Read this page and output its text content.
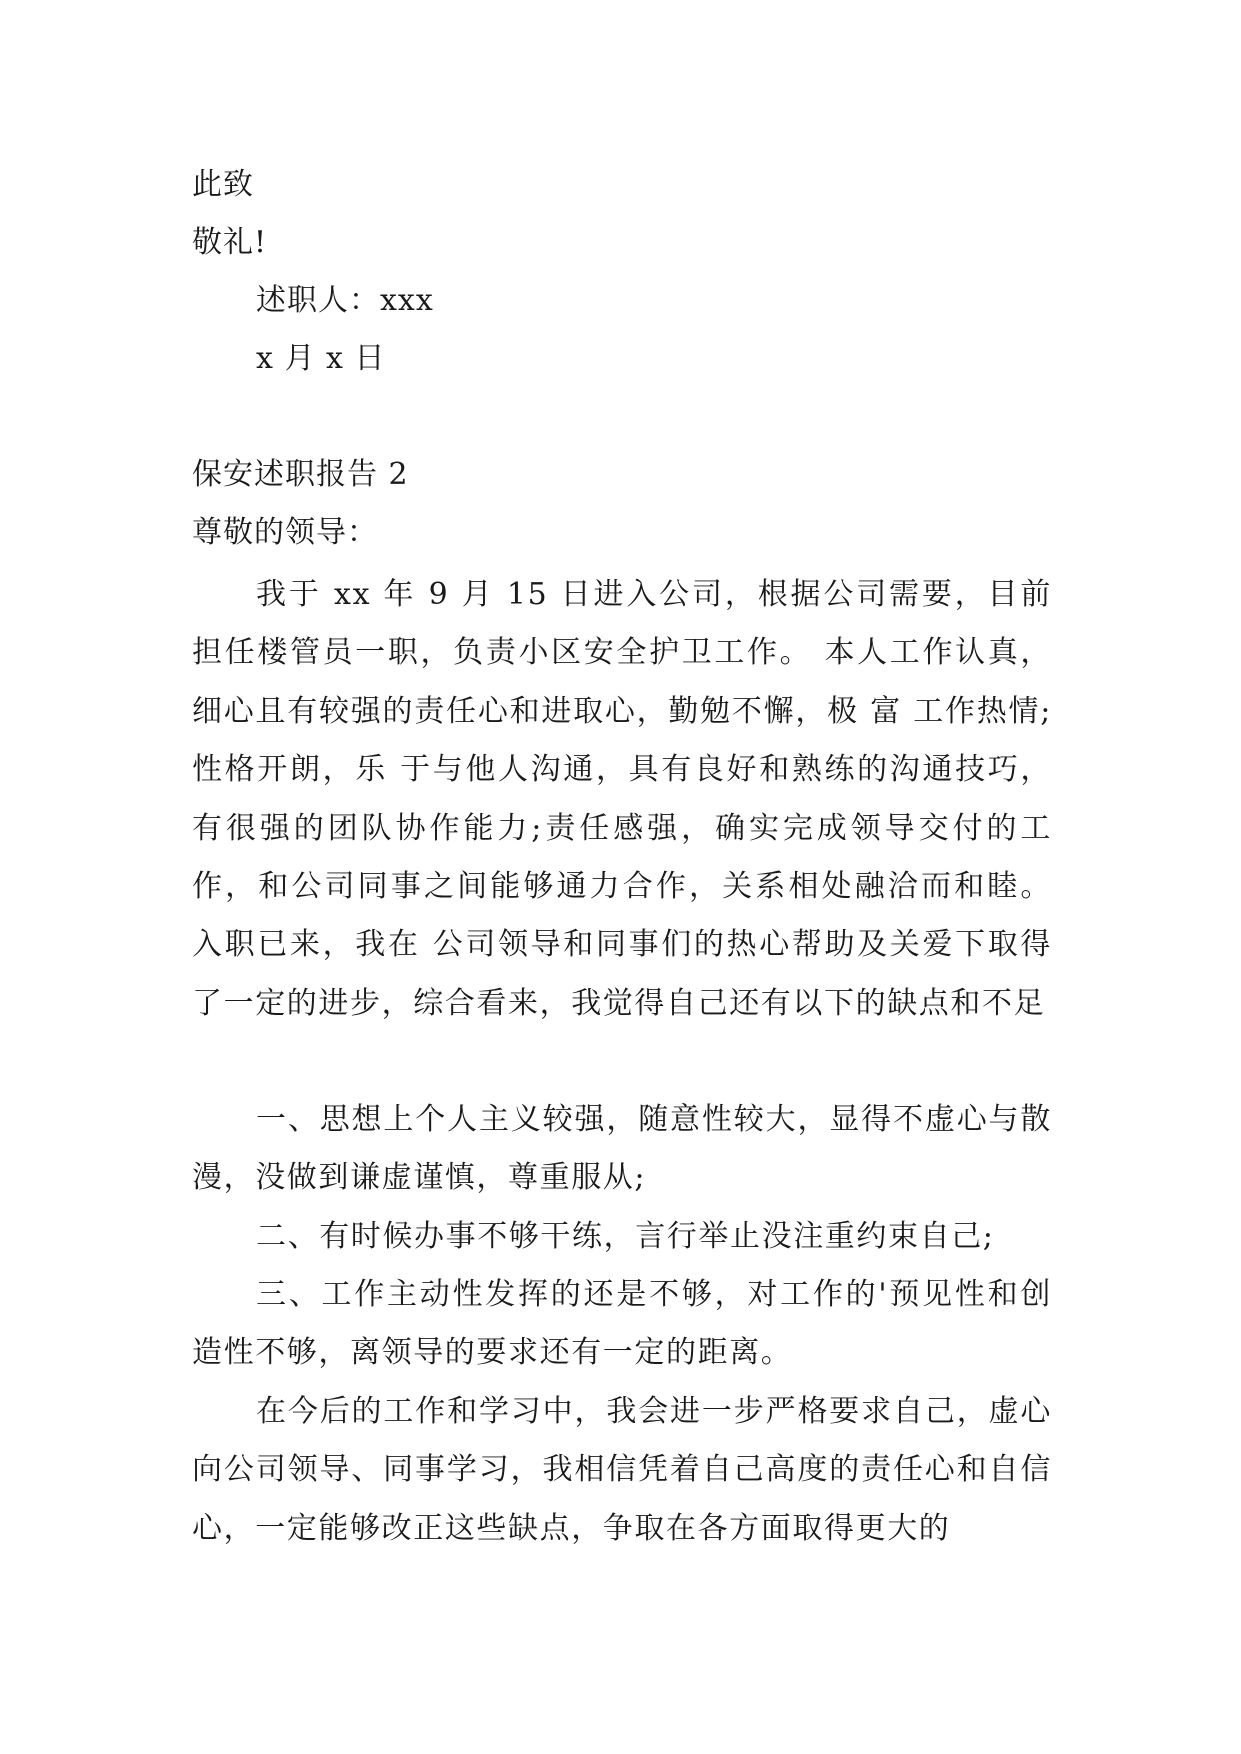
此致
敬礼!
述职人：xxx
x 月 x 日
保安述职报告 2
尊敬的领导：

我于 xx 年 9 月 15 日进入公司，根据公司需要，目前担任楼管员一职，负责小区安全护卫工作。 本人工作认真，细心且有较强的责任心和进取心，勤勉不懈，极 富 工作热情;性格开朗，乐 于与他人沟通，具有良好和熟练的沟通技巧，有很强的团队协作能力;责任感强，确实完成领导交付的工作，和公司同事之间能够通力合作，关系相处融洽而和睦。 入职已来，我在 公司领导和同事们的热心帮助及关爱下取得了一定的进步，综合看来，我觉得自己还有以下的缺点和不足

一、思想上个人主义较强，随意性较大，显得不虚心与散漫，没做到谦虚谨慎，尊重服从;

二、有时候办事不够干练，言行举止没注重约束自己;

三、工作主动性发挥的还是不够，对工作的'预见性和创造性不够，离领导的要求还有一定的距离。

在今后的工作和学习中，我会进一步严格要求自己，虚心向公司领导、同事学习，我相信凭着自己高度的责任心和自信心，一定能够改正这些缺点，争取在各方面取得更大的
